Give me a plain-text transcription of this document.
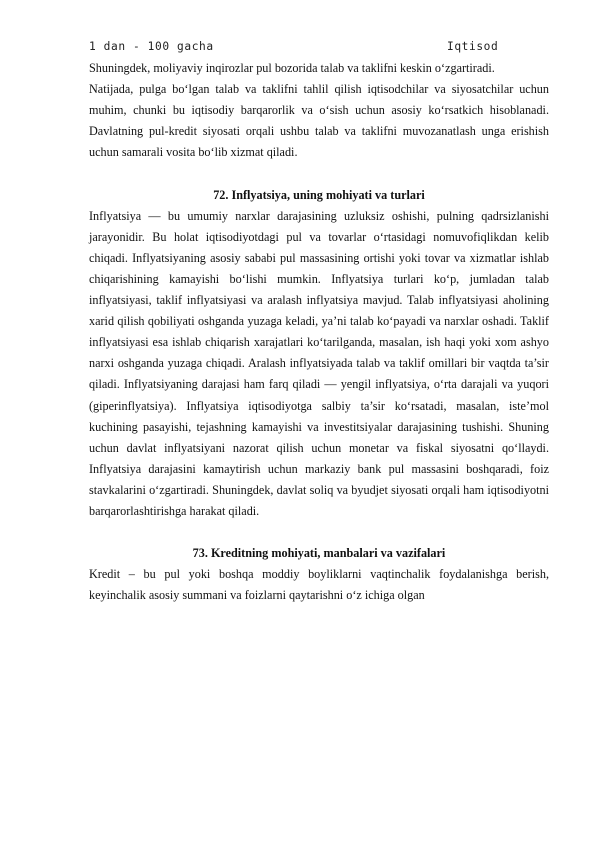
1 dan - 100 gacha	Iqtisod

Shuningdek, moliyaviy inqirozlar pul bozorida talab va taklifni keskin o‘zgartiradi.

Natijada, pulga bo‘lgan talab va taklifni tahlil qilish iqtisodchilar va siyosatchilar uchun muhim, chunki bu iqtisodiy barqarorlik va o‘sish uchun asosiy ko‘rsatkich hisoblanadi. Davlatning pul-kredit siyosati orqali ushbu talab va taklifni muvozanatlash unga erishish uchun samarali vosita bo‘lib xizmat qiladi.

72. Inflyatsiya, uning mohiyati va turlari

Inflyatsiya — bu umumiy narxlar darajasining uzluksiz oshishi, pulning qadrsizlanishi jarayonidir. Bu holat iqtisodiyotdagi pul va tovarlar o‘rtasidagi nomuvofiqlikdan kelib chiqadi. Inflyatsiyaning asosiy sababi pul massasining ortishi yoki tovar va xizmatlar ishlab chiqarishining kamayishi bo‘lishi mumkin. Inflyatsiya turlari ko‘p, jumladan talab inflyatsiyasi, taklif inflyatsiyasi va aralash inflyatsiya mavjud. Talab inflyatsiyasi aholining xarid qilish qobiliyati oshganda yuzaga keladi, ya’ni talab ko‘payadi va narxlar oshadi. Taklif inflyatsiyasi esa ishlab chiqarish xarajatlari ko‘tarilganda, masalan, ish haqi yoki xom ashyo narxi oshganda yuzaga chiqadi. Aralash inflyatsiyada talab va taklif omillari bir vaqtda ta’sir qiladi. Inflyatsiyaning darajasi ham farq qiladi — yengil inflyatsiya, o‘rta darajali va yuqori (giperinflyatsiya). Inflyatsiya iqtisodiyotga salbiy ta’sir ko‘rsatadi, masalan, iste’mol kuchining pasayishi, tejashning kamayishi va investitsiyalar darajasining tushishi. Shuning uchun davlat inflyatsiyani nazorat qilish uchun monetar va fiskal siyosatni qo‘llaydi. Inflyatsiya darajasini kamaytirish uchun markaziy bank pul massasini boshqaradi, foiz stavkalarini o‘zgartiradi. Shuningdek, davlat soliq va byudjet siyosati orqali ham iqtisodiyotni barqarorlashtirishga harakat qiladi.

73. Kreditning mohiyati, manbalari va vazifalari

Kredit – bu pul yoki boshqa moddiy boyliklarni vaqtinchalik foydalanishga berish, keyinchalik asosiy summani va foizlarni qaytarishni o‘z ichiga olgan
